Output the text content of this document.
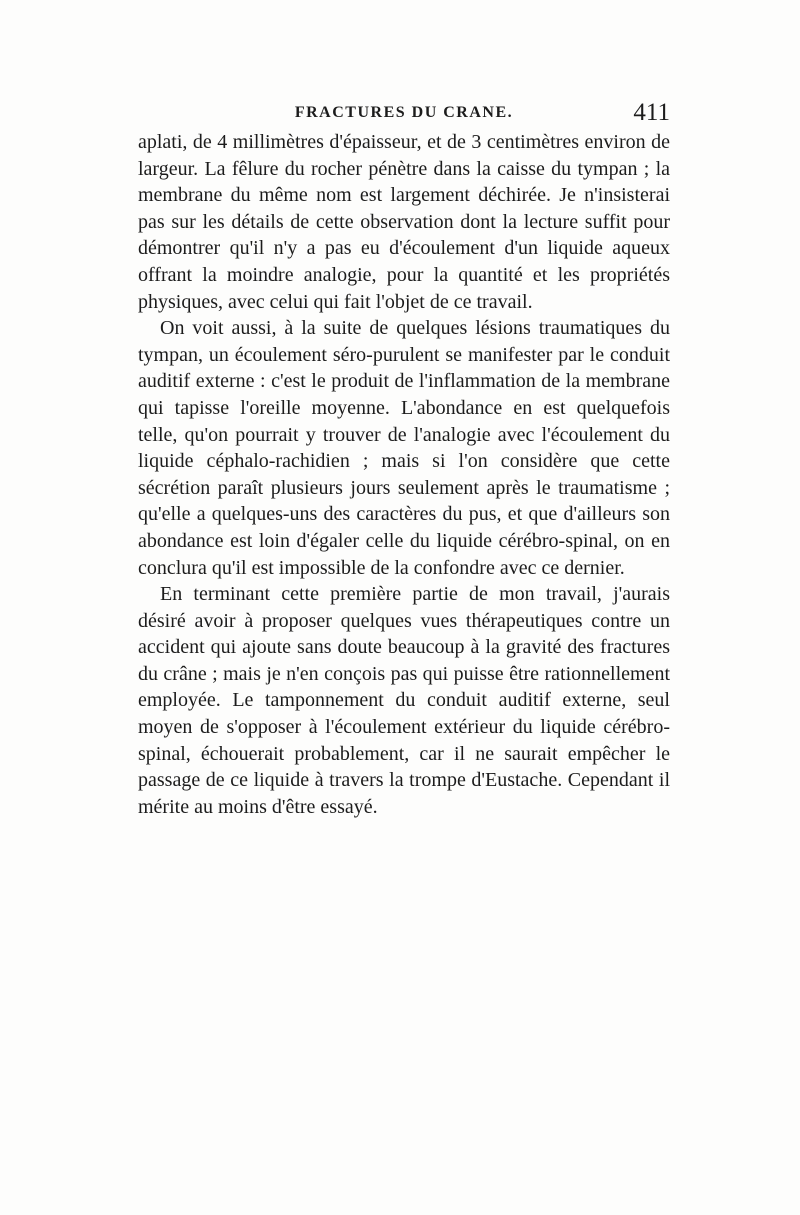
FRACTURES DU CRANE.	411

aplati, de 4 millimètres d'épaisseur, et de 3 centimètres environ de largeur. La fêlure du rocher pénètre dans la caisse du tympan ; la membrane du même nom est largement déchirée. Je n'insisterai pas sur les détails de cette observation dont la lecture suffit pour démontrer qu'il n'y a pas eu d'écoulement d'un liquide aqueux offrant la moindre analogie, pour la quantité et les propriétés physiques, avec celui qui fait l'objet de ce travail.

On voit aussi, à la suite de quelques lésions traumatiques du tympan, un écoulement séro-purulent se manifester par le conduit auditif externe : c'est le produit de l'inflammation de la membrane qui tapisse l'oreille moyenne. L'abondance en est quelquefois telle, qu'on pourrait y trouver de l'analogie avec l'écoulement du liquide céphalo-rachidien ; mais si l'on considère que cette sécrétion paraît plusieurs jours seulement après le traumatisme ; qu'elle a quelques-uns des caractères du pus, et que d'ailleurs son abondance est loin d'égaler celle du liquide cérébro-spinal, on en conclura qu'il est impossible de la confondre avec ce dernier.

En terminant cette première partie de mon travail, j'aurais désiré avoir à proposer quelques vues thérapeutiques contre un accident qui ajoute sans doute beaucoup à la gravité des fractures du crâne ; mais je n'en conçois pas qui puisse être rationnellement employée. Le tamponnement du conduit auditif externe, seul moyen de s'opposer à l'écoulement extérieur du liquide cérébro-spinal, échouerait probablement, car il ne saurait empêcher le passage de ce liquide à travers la trompe d'Eustache. Cependant il mérite au moins d'être essayé.
